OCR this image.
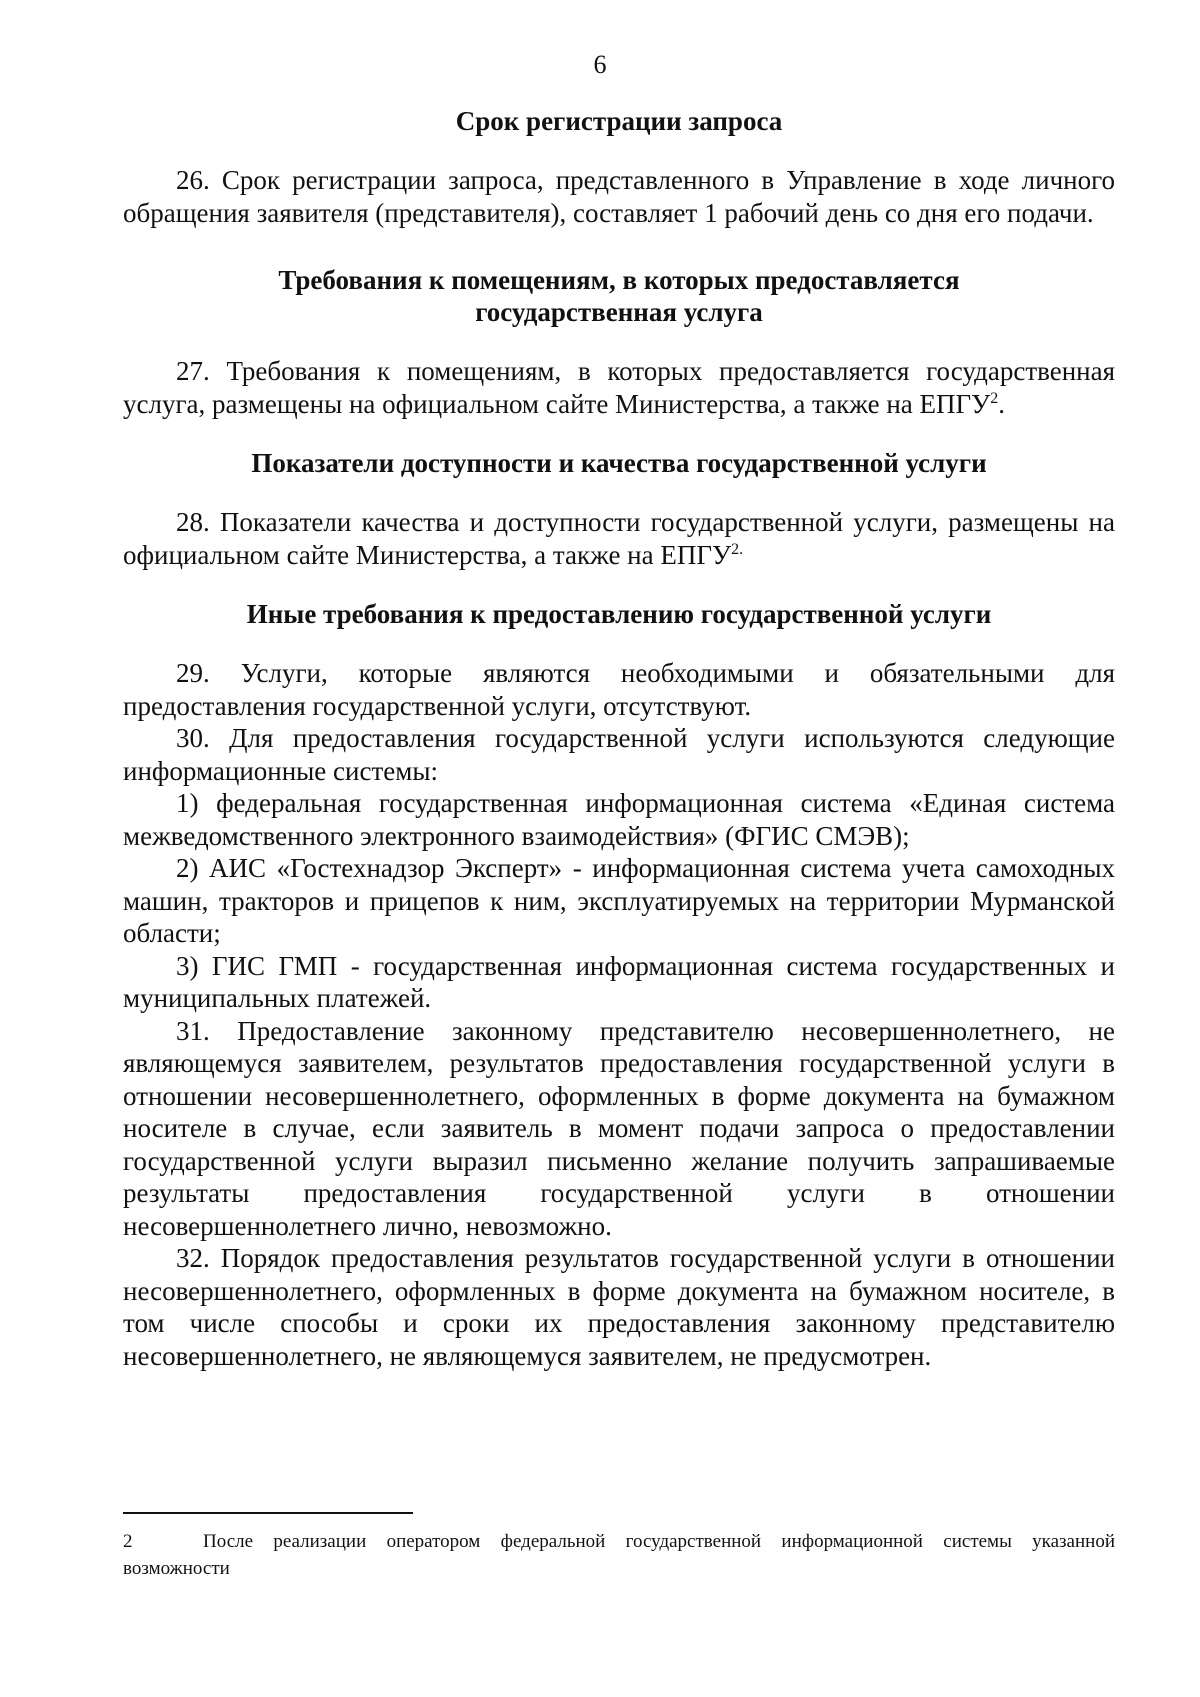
6
Срок регистрации запроса

26. Срок регистрации запроса, представленного в Управление в ходе личного обращения заявителя (представителя), составляет 1 рабочий день со дня его подачи.

Требования к помещениям, в которых предоставляется
государственная услуга

27. Требования к помещениям, в которых предоставляется государственная услуга, размещены на официальном сайте Министерства, а также на ЕПГУ$^2$.

Показатели доступности и качества государственной услуги

28. Показатели качества и доступности государственной услуги, размещены на официальном сайте Министерства, а также на $ЕПГУ^{2.}$

Иные требования к предоставлению государственной услуги

29. Услуги, которые являются необходимыми и обязательными для предоставления государственной услуги, отсутствуют.

30. Для предоставления государственной услуги используются следующие информационные системы:

1) федеральная государственная информационная система «Единая система межведомственного электронного взаимодействия» (ФГИС СМЭВ);

2) АИС «Гостехнадзор Эксперт» - информационная система учета самоходных машин, тракторов и прицепов к ним, эксплуатируемых на территории Мурманской области;

3) ГИС ГМП - государственная информационная система государственных и муниципальных платежей.

31. Предоставление законному представителю несовершеннолетнего, не являющемуся заявителем, результатов предоставления государственной услуги в отношении несовершеннолетнего, оформленных в форме документа на бумажном носителе в случае, если заявитель в момент подачи запроса о предоставлении государственной услуги выразил письменно желание получить запрашиваемые результаты предоставления государственной услуги в отношении несовершеннолетнего лично, невозможно.

32. Порядок предоставления результатов государственной услуги в отношении несовершеннолетнего, оформленных в форме документа на бумажном носителе, в том числе способы и сроки их предоставления законному представителю несовершеннолетнего, не являющемуся заявителем, не предусмотрен.

2	После реализации оператором федеральной государственной информационной системы указанной возможности
